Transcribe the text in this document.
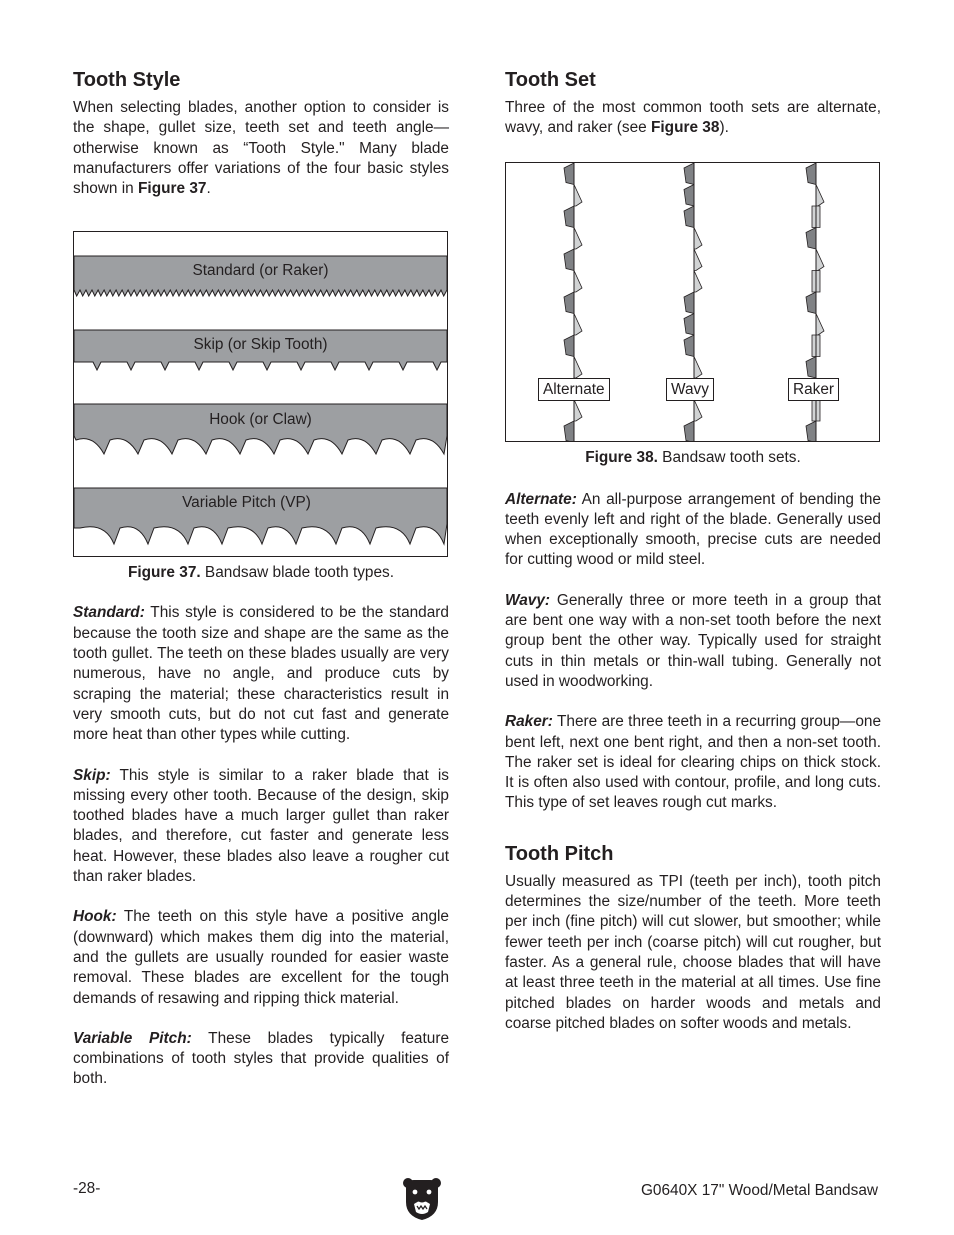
Tooth Style

When selecting blades, another option to consider is the shape, gullet size, teeth set and teeth angle—otherwise known as “Tooth Style." Many blade manufacturers offer variations of the four basic styles shown in Figure 37.

Standard (or Raker)
Skip (or Skip Tooth)
Hook (or Claw)
Variable Pitch (VP)
Figure 37. Bandsaw blade tooth types.

Standard: This style is considered to be the standard because the tooth size and shape are the same as the tooth gullet. The teeth on these blades usually are very numerous, have no angle, and produce cuts by scraping the material; these characteristics result in very smooth cuts, but do not cut fast and generate more heat than other types while cutting.

Skip: This style is similar to a raker blade that is missing every other tooth. Because of the design, skip toothed blades have a much larger gullet than raker blades, and therefore, cut faster and generate less heat. However, these blades also leave a rougher cut than raker blades.

Hook: The teeth on this style have a positive angle (downward) which makes them dig into the material, and the gullets are usually rounded for easier waste removal. These blades are excellent for the tough demands of resawing and ripping thick material.

Variable Pitch: These blades typically feature combinations of tooth styles that provide qualities of both.

Tooth Set

Three of the most common tooth sets are alternate, wavy, and raker (see Figure 38).

Alternate	Wavy	Raker
Figure 38. Bandsaw tooth sets.

Alternate: An all-purpose arrangement of bending the teeth evenly left and right of the blade. Generally used when exceptionally smooth, precise cuts are needed for cutting wood or mild steel.

Wavy: Generally three or more teeth in a group that are bent one way with a non-set tooth before the next group bent the other way. Typically used for straight cuts in thin metals or thin-wall tubing. Generally not used in woodworking.

Raker: There are three teeth in a recurring group—one bent left, next one bent right, and then a non-set tooth. The raker set is ideal for clearing chips on thick stock. It is often also used with contour, profile, and long cuts. This type of set leaves rough cut marks.

Tooth Pitch

Usually measured as TPI (teeth per inch), tooth pitch determines the size/number of the teeth. More teeth per inch (fine pitch) will cut slower, but smoother; while fewer teeth per inch (coarse pitch) will cut rougher, but faster. As a general rule, choose blades that will have at least three teeth in the material at all times. Use fine pitched blades on harder woods and metals and coarse pitched blades on softer woods and metals.

-28-	G0640X 17" Wood/Metal Bandsaw
